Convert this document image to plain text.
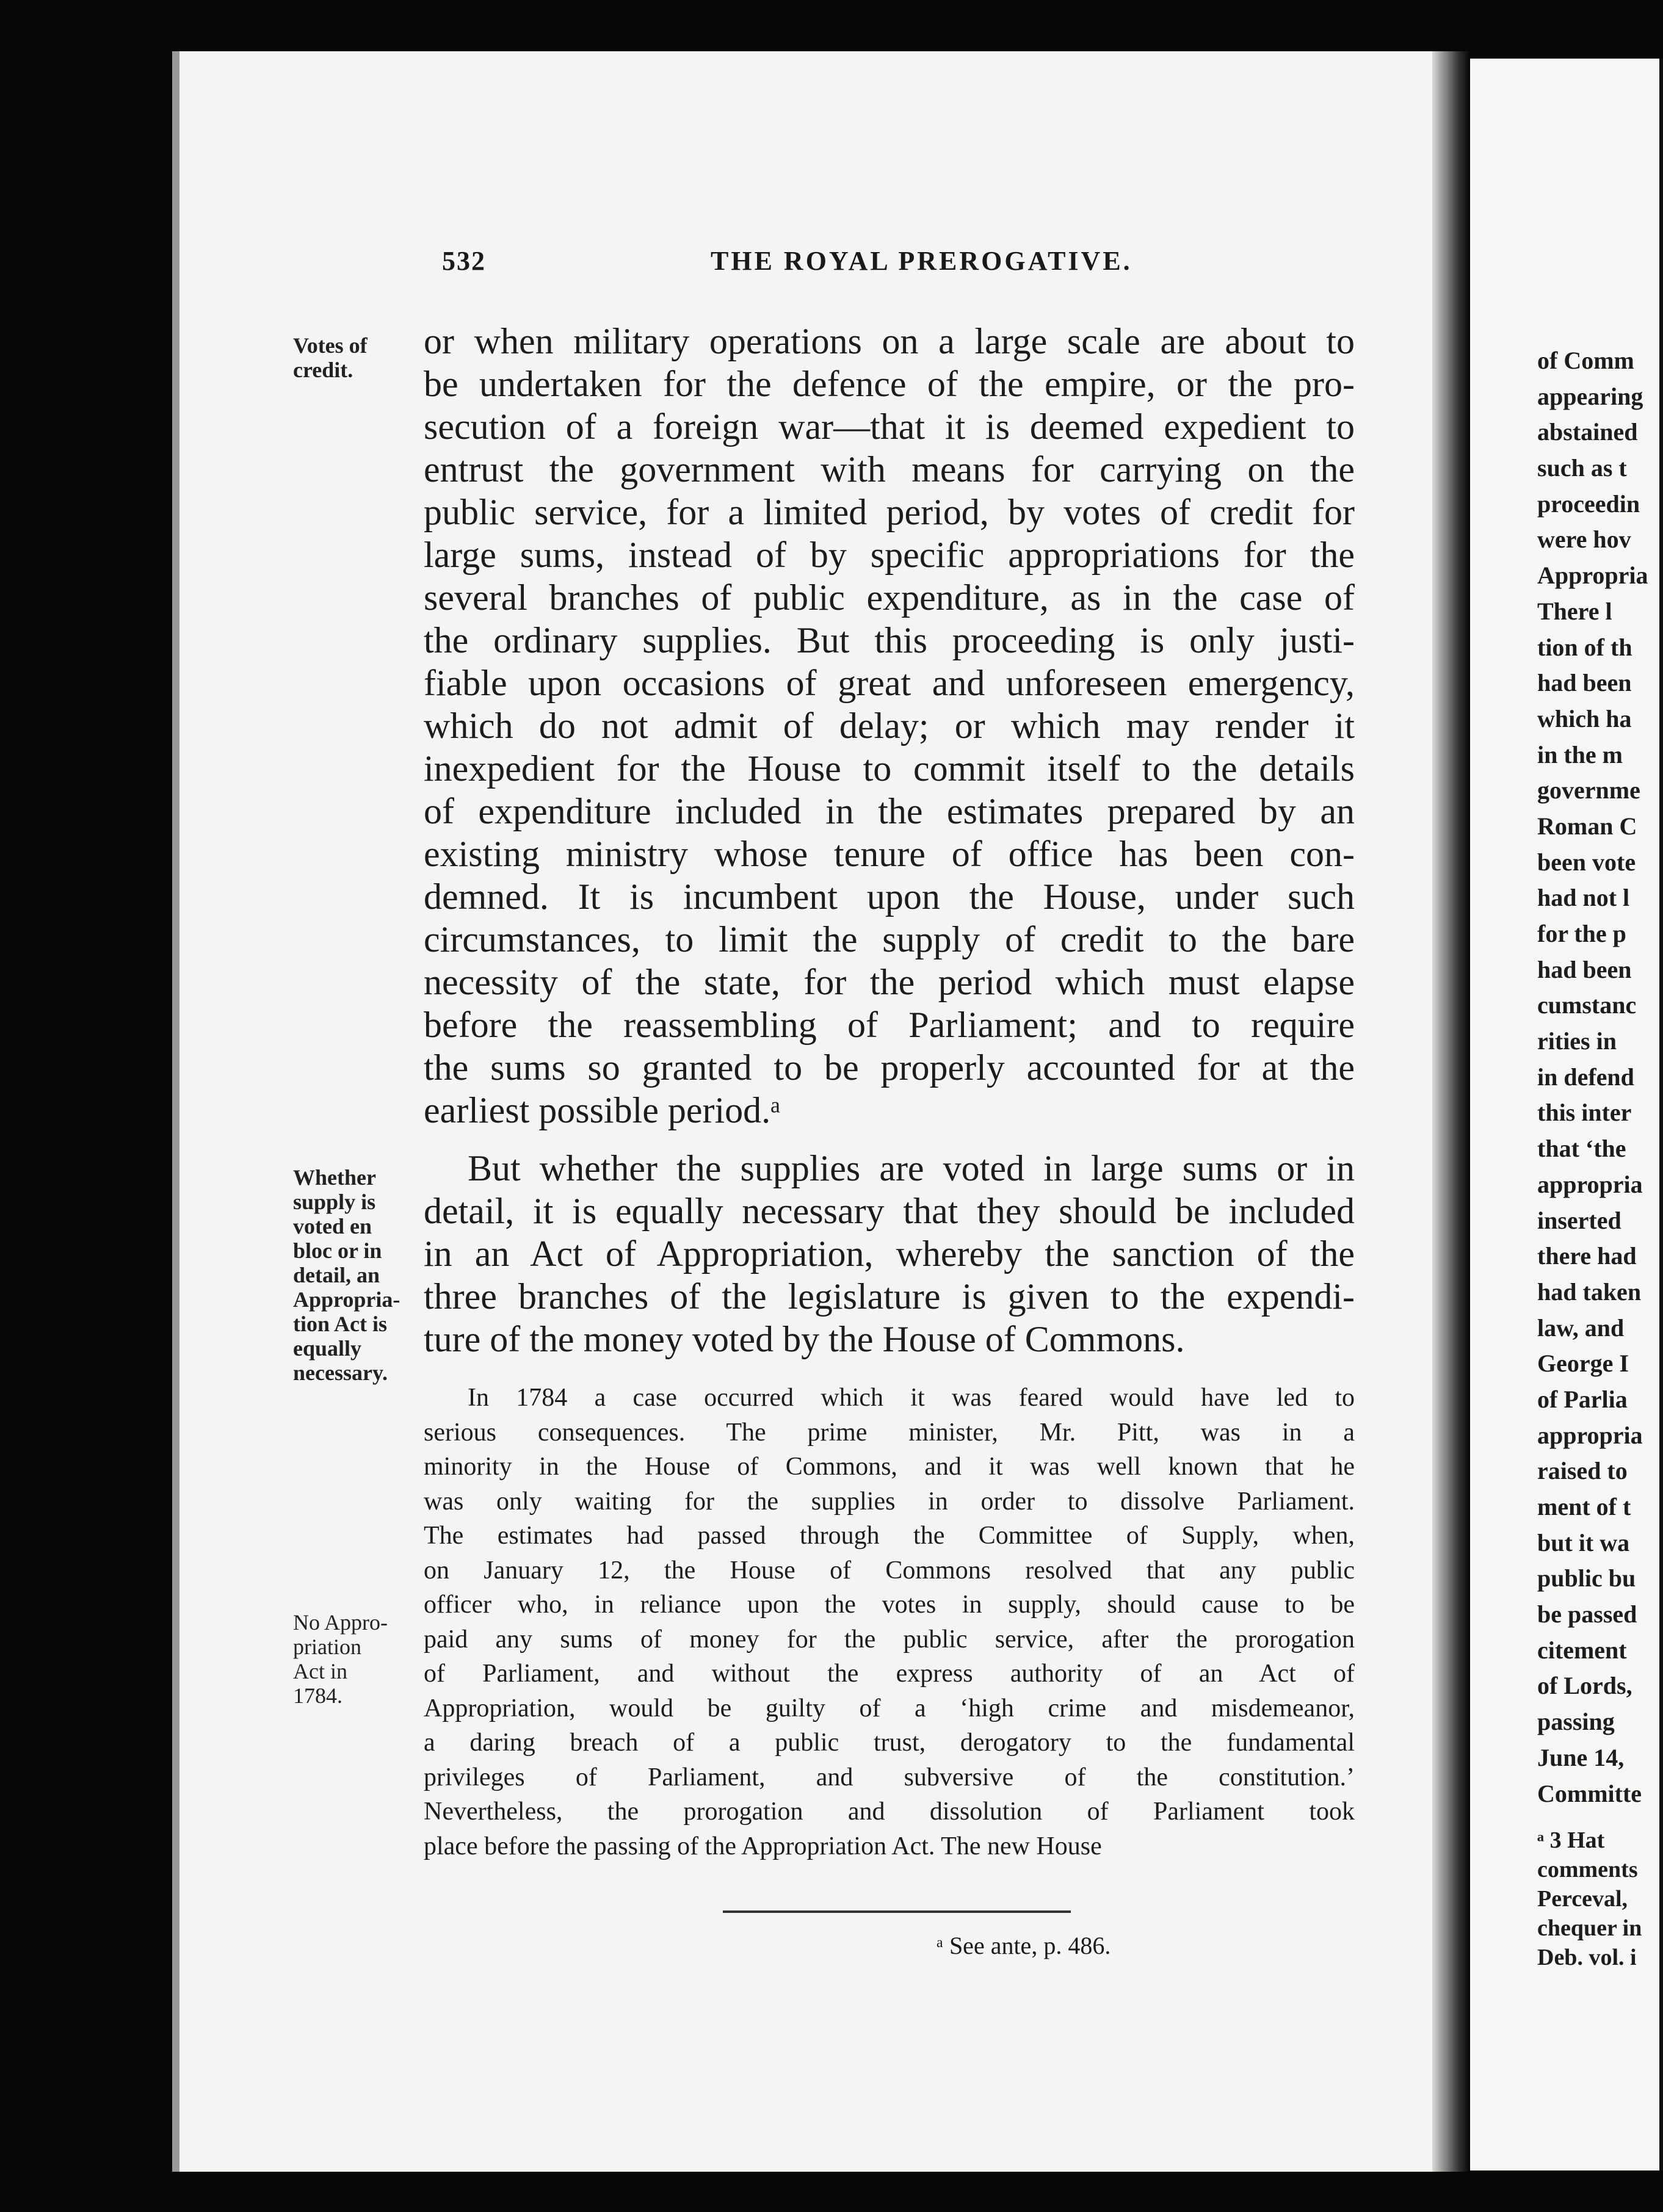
532	THE ROYAL PREROGATIVE.
Votes of
credit.
Whether
supply is
voted en
bloc or in
detail, an
Appropria-
tion Act is
equally
necessary.
No Appro-
priation
Act in
1784.
or when military operations on a large scale are about to
be undertaken for the defence of the empire, or the pro-
secution of a foreign war—that it is deemed expedient to
entrust the government with means for carrying on the
public service, for a limited period, by votes of credit for
large sums, instead of by specific appropriations for the
several branches of public expenditure, as in the case of
the ordinary supplies. But this proceeding is only justi-
fiable upon occasions of great and unforeseen emergency,
which do not admit of delay; or which may render it
inexpedient for the House to commit itself to the details
of expenditure included in the estimates prepared by an
existing ministry whose tenure of office has been con-
demned. It is incumbent upon the House, under such
circumstances, to limit the supply of credit to the bare
necessity of the state, for the period which must elapse
before the reassembling of Parliament; and to require
the sums so granted to be properly accounted for at the
earliest possible period.ᵃ
But whether the supplies are voted in large sums or in
detail, it is equally necessary that they should be included
in an Act of Appropriation, whereby the sanction of the
three branches of the legislature is given to the expendi-
ture of the money voted by the House of Commons.
In 1784 a case occurred which it was feared would have led to
serious consequences. The prime minister, Mr. Pitt, was in a
minority in the House of Commons, and it was well known that he
was only waiting for the supplies in order to dissolve Parliament.
The estimates had passed through the Committee of Supply, when,
on January 12, the House of Commons resolved that any public
officer who, in reliance upon the votes in supply, should cause to be
paid any sums of money for the public service, after the prorogation
of Parliament, and without the express authority of an Act of
Appropriation, would be guilty of a ‘high crime and misdemeanor,
a daring breach of a public trust, derogatory to the fundamental
privileges of Parliament, and subversive of the constitution.’
Nevertheless, the prorogation and dissolution of Parliament took
place before the passing of the Appropriation Act. The new House
ᵃ See ante, p. 486.
of Comm
appearing
abstained
such as t
proceedin
were hov
Appropria
There l
tion of th
had been
which ha
in the m
governme
Roman C
been vote
had not l
for the p
had been
cumstanc
rities in
in defend
this inter
that ‘the
appropria
inserted
there had
had taken
law, and
George I
of Parlia
appropria
raised to
ment of t
but it wa
public bu
be passed
citement
of Lords,
passing
June 14,
Committe
ᵃ 3 Hat
comments
Perceval,
chequer in
Deb. vol. i
